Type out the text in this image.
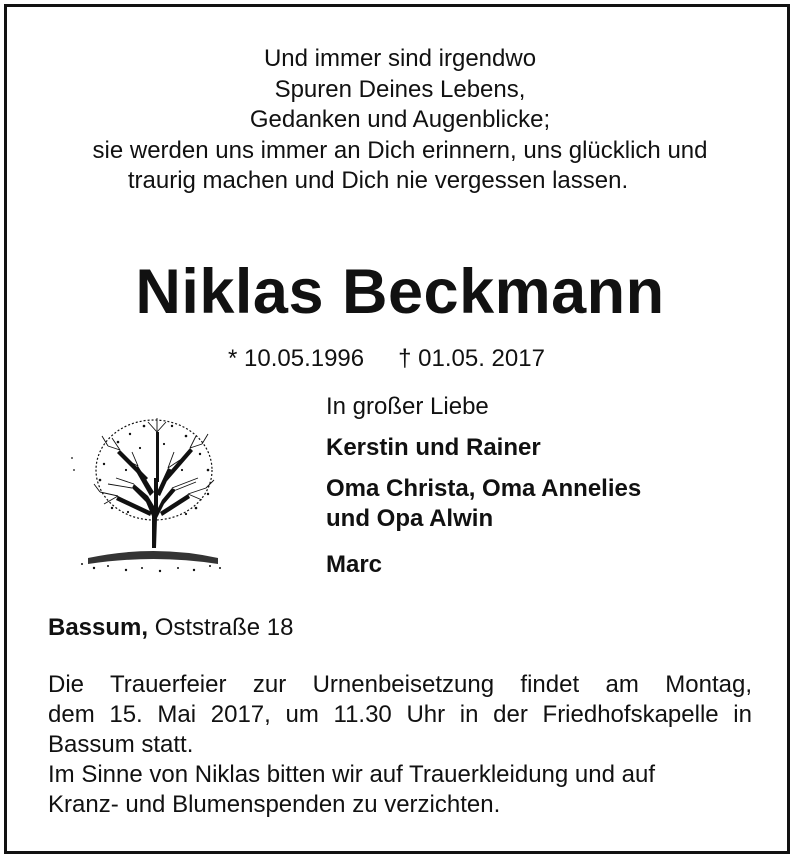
Und immer sind irgendwo
Spuren Deines Lebens,
Gedanken und Augenblicke;
sie werden uns immer an Dich erinnern, uns glücklich und
traurig machen und Dich nie vergessen lassen.
Niklas Beckmann
* 10.05.1996 † 01.05. 2017
In großer Liebe
Kerstin und Rainer
Oma Christa, Oma Annelies
und Opa Alwin
Marc
Bassum, Oststraße 18

Die Trauerfeier zur Urnenbeisetzung findet am Montag,
dem 15. Mai 2017, um 11.30 Uhr in der Friedhofskapelle in
Bassum statt.

Im Sinne von Niklas bitten wir auf Trauerkleidung und auf
Kranz- und Blumenspenden zu verzichten.
